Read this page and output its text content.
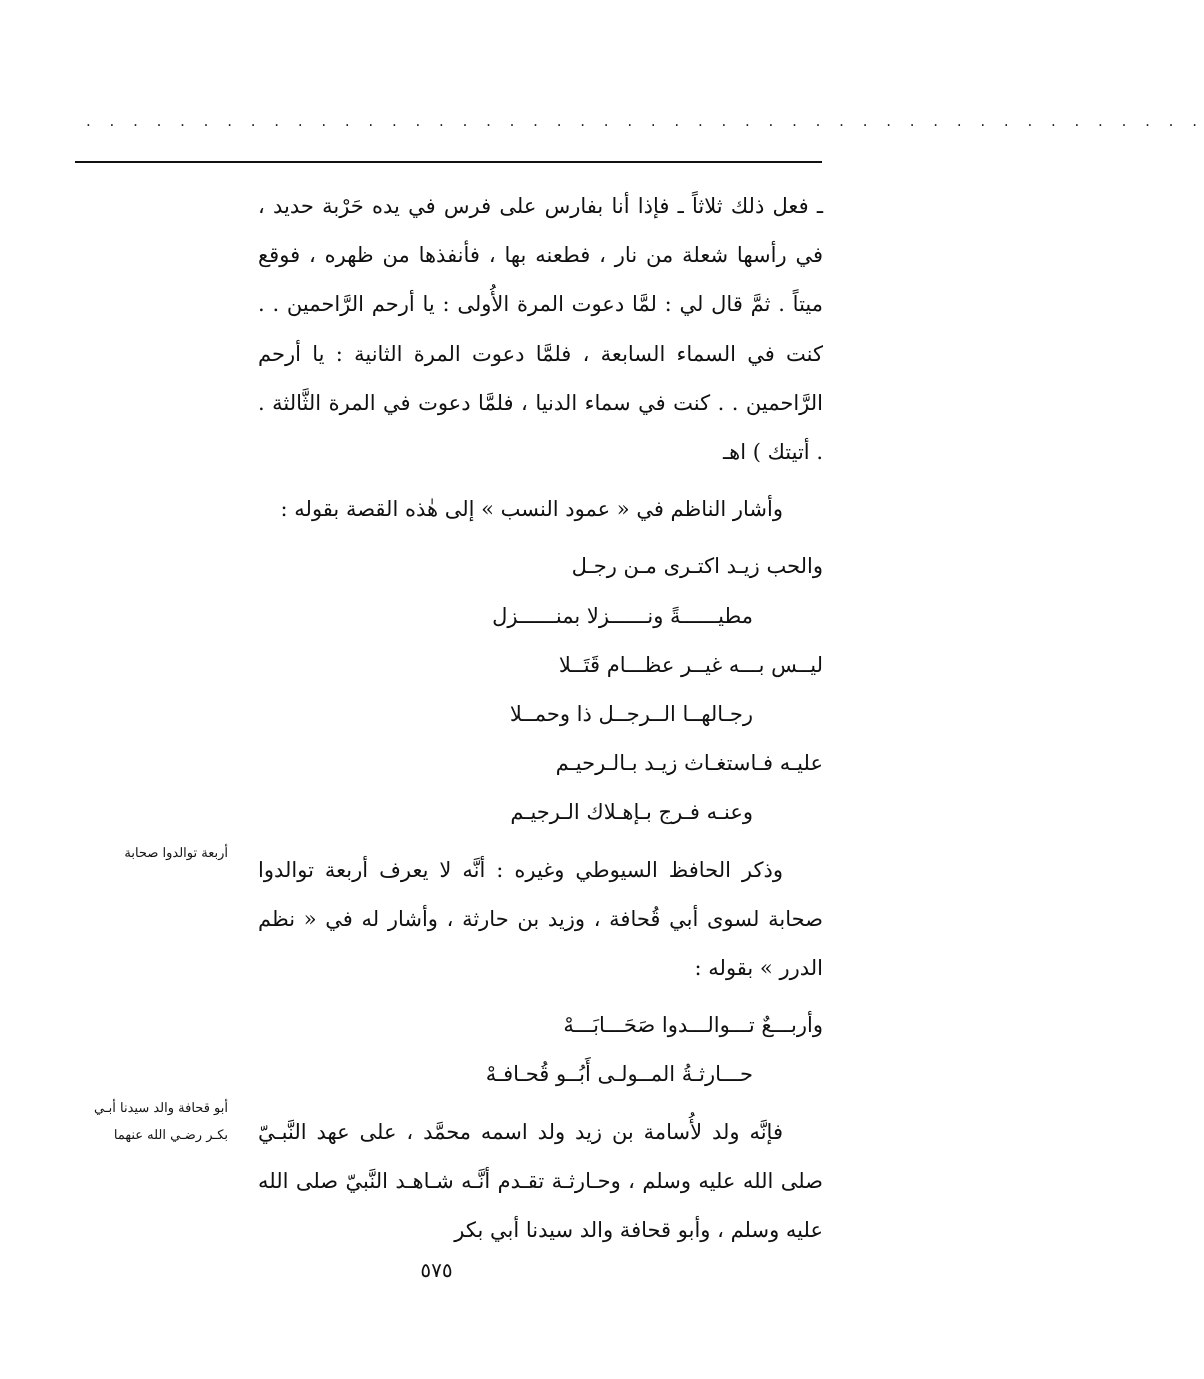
. . . . . . . . . . . . . . . . . . . . . . . . . . . . . . . . . . . . . . . . . . . . . . . .

ـ فعل ذلك ثلاثاً ـ فإذا أنا بفارس على فرس في يده حَرْبة حديد ، في رأسها شعلة من نار ، فطعنه بها ، فأنفذها من ظهره ، فوقع ميتاً . ثمَّ قال لي : لمَّا دعوت المرة الأُولى : يا أرحم الرَّاحمين . . كنت في السماء السابعة ، فلمَّا دعوت المرة الثانية : يا أرحم الرَّاحمين . . كنت في سماء الدنيا ، فلمَّا دعوت في المرة الثَّالثة . . أتيتك ) اهـ

وأشار الناظم في « عمود النسب » إلى هٰذه القصة بقوله :

والحب زيـد اكتـرى مـن رجـل

مطيــــــةً ونــــــزلا بمنــــــزل

ليــس بـــه غيــر عظـــام قَتَــلا

رجـالهــا الــرجــل ذا وحمــلا

عليـه فـاستغـاث زيـد بـالـرحيـم

وعنـه فـرج بـإهـلاك الـرجيـم

وذكر الحافظ السيوطي وغيره : أنَّه لا يعرف أربعة توالدوا صحابة لسوى أبي قُحافة ، وزيد بن حارثة ، وأشار له في « نظم الدرر » بقوله :

وأربـــعٌ تـــوالـــدوا صَحَـــابَـــهْ

حـــارثـةُ المــولـى أَبُــو قُحـافـهْ

فإنَّه ولد لأُسامة بن زيد ولد اسمه محمَّد ، على عهد النَّبـيّ صلى الله عليه وسلم ، وحـارثـة تقـدم أنَّـه شـاهـد النَّبيّ صلى الله عليه وسلم ، وأبو قحافة والد سيدنا أبي بكر

أربعة توالدوا صحابة
أبو قحافة والد سيدنا أبـي بكـر رضـي الله عنهما
٥٧٥
